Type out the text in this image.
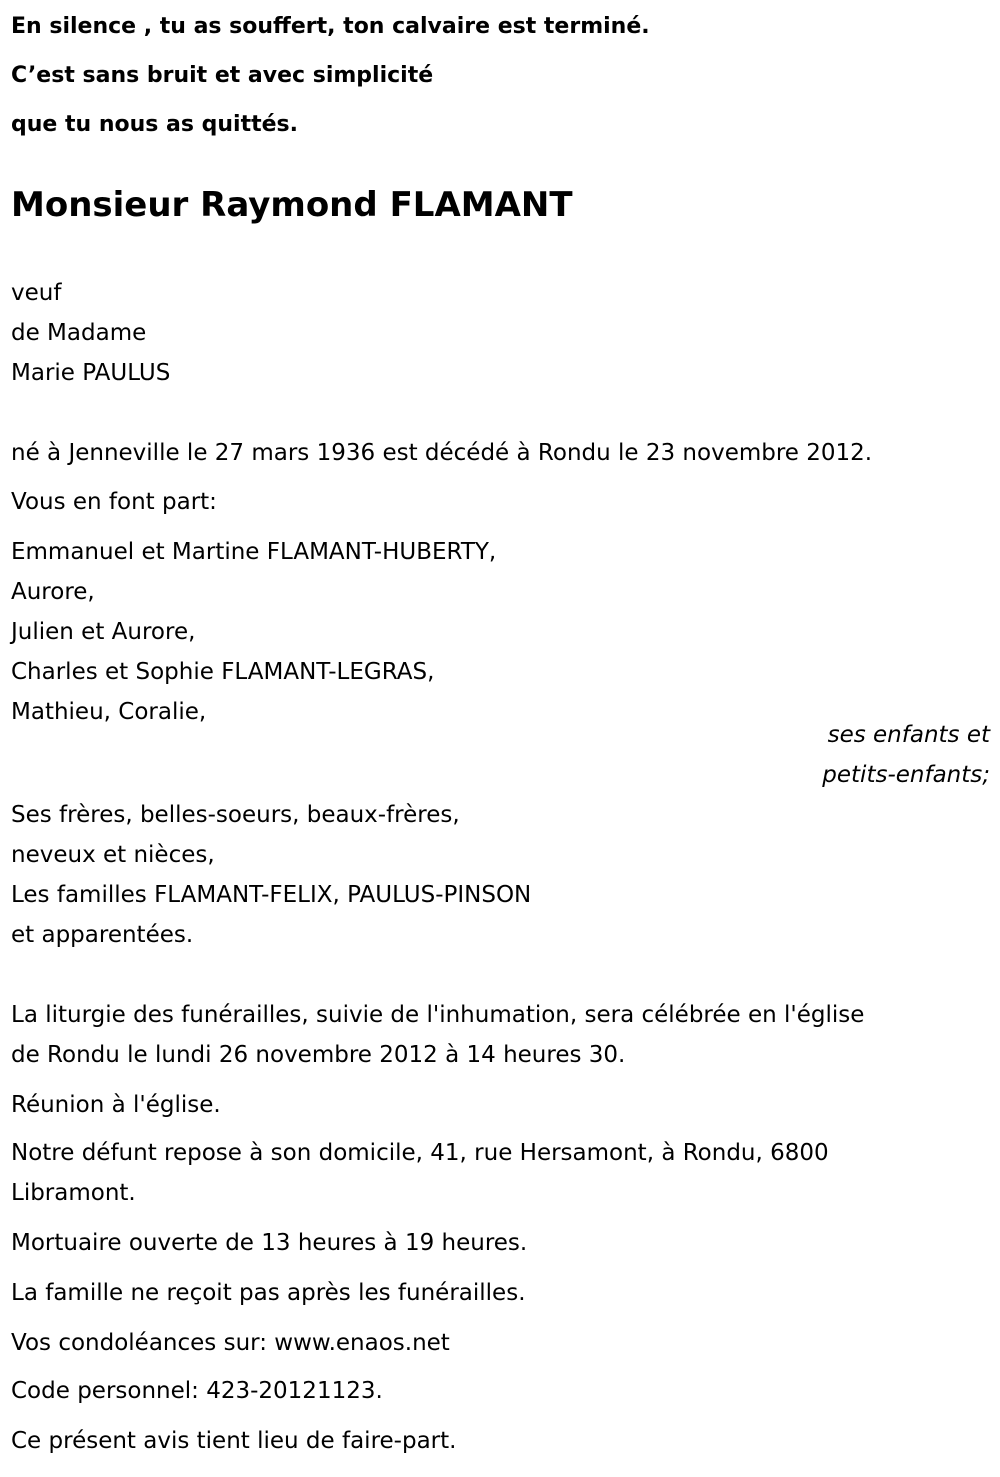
En silence , tu as souffert, ton calvaire est terminé.
C’est sans bruit et avec simplicité
que tu nous as quittés.
Monsieur Raymond FLAMANT
veuf
de Madame
Marie PAULUS
né à Jenneville le 27 mars 1936 est décédé à Rondu le 23 novembre 2012.
Vous en font part:
Emmanuel et Martine FLAMANT-HUBERTY,
Aurore,
Julien et Aurore,
Charles et Sophie FLAMANT-LEGRAS,
Mathieu, Coralie,
ses enfants et
petits-enfants;
Ses frères, belles-soeurs, beaux-frères,
neveux et nièces,
Les familles FLAMANT-FELIX, PAULUS-PINSON
et apparentées.
La liturgie des funérailles, suivie de l'inhumation, sera célébrée en l'église
de Rondu le lundi 26 novembre 2012 à 14 heures 30.
Réunion à l'église.
Notre défunt repose à son domicile, 41, rue Hersamont, à Rondu, 6800
Libramont.
Mortuaire ouverte de 13 heures à 19 heures.
La famille ne reçoit pas après les funérailles.
Vos condoléances sur: www.enaos.net
Code personnel: 423-20121123.
Ce présent avis tient lieu de faire-part.
